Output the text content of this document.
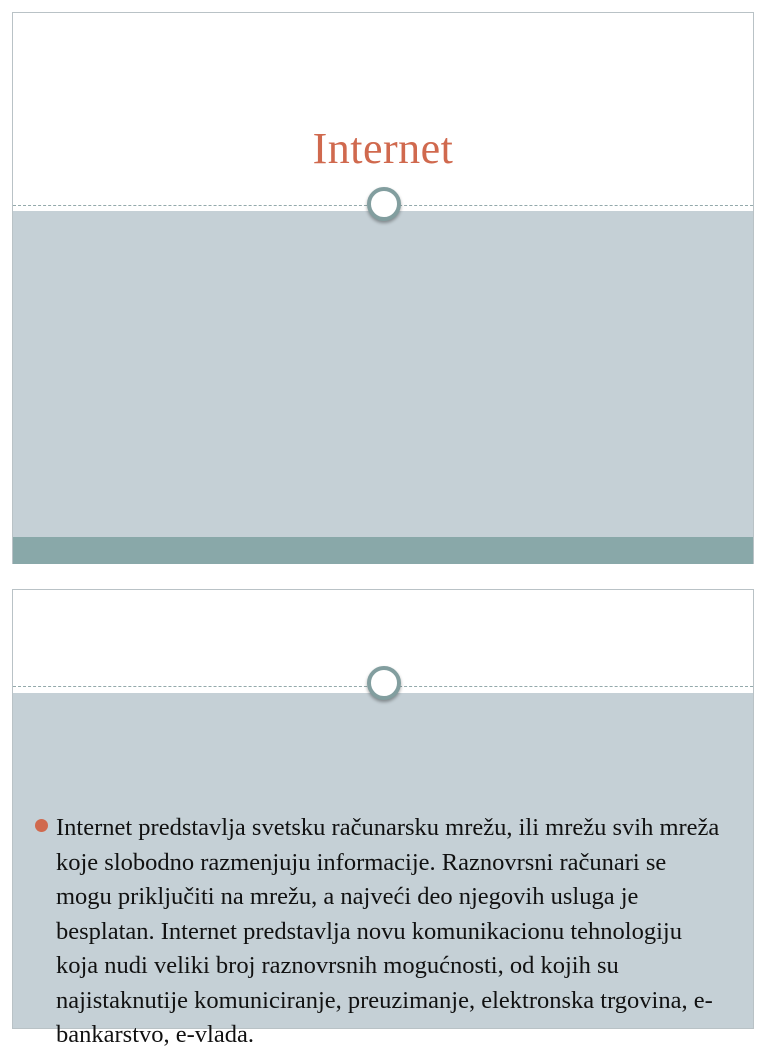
Internet

Internet predstavlja svetsku računarsku mrežu, ili mrežu svih mreža koje slobodno razmenjuju informacije. Raznovrsni računari se mogu priključiti na mrežu, a najveći deo njegovih usluga je besplatan. Internet predstavlja novu komunikacionu tehnologiju koja nudi veliki broj raznovrsnih mogućnosti, od kojih su najistaknutije komuniciranje, preuzimanje, elektronska trgovina, e-bankarstvo, e-vlada.
